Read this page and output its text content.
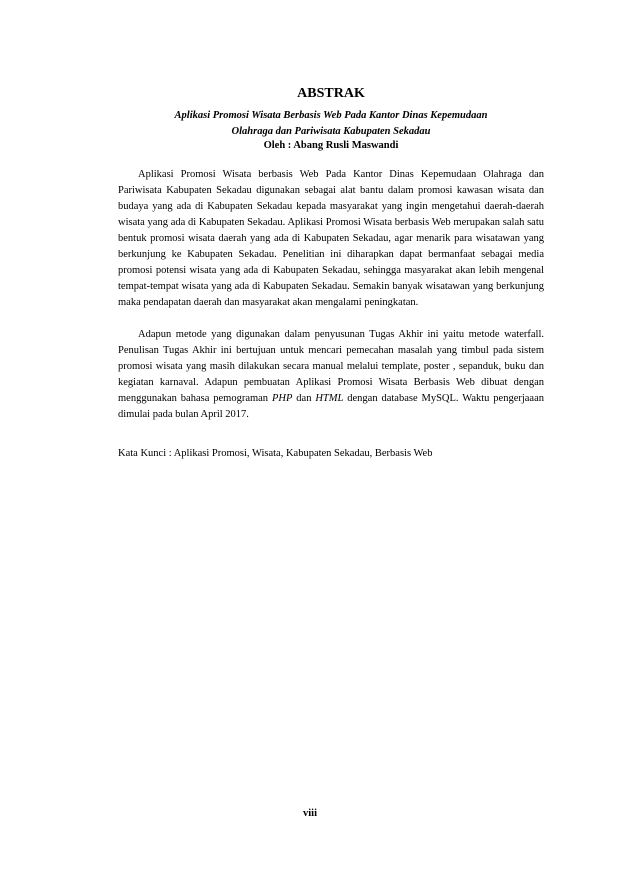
ABSTRAK
Aplikasi Promosi Wisata Berbasis Web Pada Kantor Dinas Kepemudaan
Olahraga dan Pariwisata Kabupaten Sekadau
Oleh : Abang Rusli Maswandi

Aplikasi Promosi Wisata berbasis Web Pada Kantor Dinas Kepemudaan Olahraga dan Pariwisata Kabupaten Sekadau digunakan sebagai alat bantu dalam promosi kawasan wisata dan budaya yang ada di Kabupaten Sekadau kepada masyarakat yang ingin mengetahui daerah-daerah wisata yang ada di Kabupaten Sekadau. Aplikasi Promosi Wisata berbasis Web merupakan salah satu bentuk promosi wisata daerah yang ada di Kabupaten Sekadau, agar menarik para wisatawan yang berkunjung ke Kabupaten Sekadau. Penelitian ini diharapkan dapat bermanfaat sebagai media promosi potensi wisata yang ada di Kabupaten Sekadau, sehingga masyarakat akan lebih mengenal tempat-tempat wisata yang ada di Kabupaten Sekadau. Semakin banyak wisatawan yang berkunjung maka pendapatan daerah dan masyarakat akan mengalami peningkatan.

Adapun metode yang digunakan dalam penyusunan Tugas Akhir ini yaitu metode waterfall. Penulisan Tugas Akhir ini bertujuan untuk mencari pemecahan masalah yang timbul pada sistem promosi wisata yang masih dilakukan secara manual melalui template, poster , sepanduk, buku dan kegiatan karnaval. Adapun pembuatan Aplikasi Promosi Wisata Berbasis Web dibuat dengan menggunakan bahasa pemograman PHP dan HTML dengan database MySQL. Waktu pengerjaaan dimulai pada bulan April 2017.

Kata Kunci : Aplikasi Promosi, Wisata, Kabupaten Sekadau, Berbasis Web

viii
